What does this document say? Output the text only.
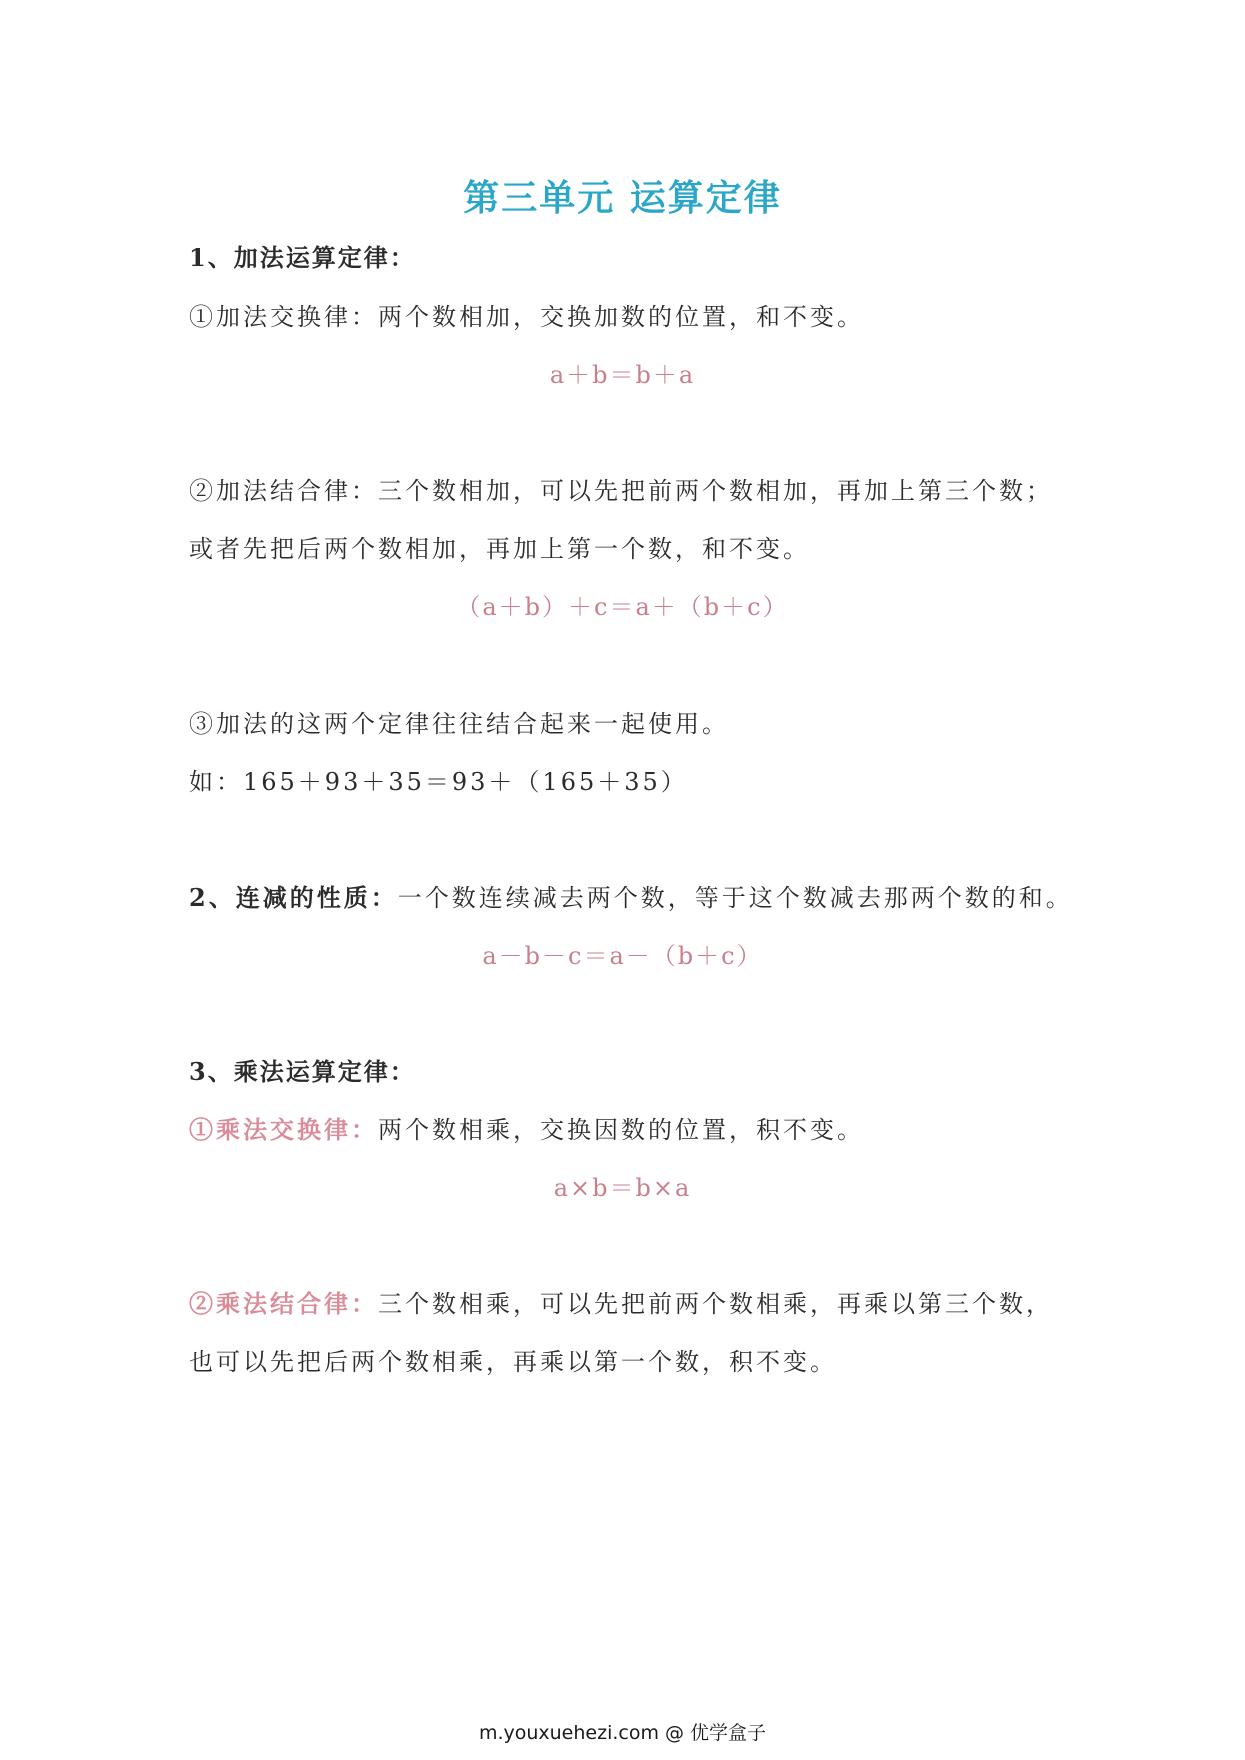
第三单元 运算定律
1、加法运算定律：
①加法交换律：两个数相加，交换加数的位置，和不变。
a＋b＝b＋a
②加法结合律：三个数相加，可以先把前两个数相加，再加上第三个数；
或者先把后两个数相加，再加上第一个数，和不变。
（a＋b）＋c＝a＋（b＋c）
③加法的这两个定律往往结合起来一起使用。
如：165＋93＋35＝93＋（165＋35）
2、连减的性质：一个数连续减去两个数，等于这个数减去那两个数的和。
a－b－c＝a－（b＋c）
3、乘法运算定律：
①乘法交换律：两个数相乘，交换因数的位置，积不变。
a×b＝b×a
②乘法结合律：三个数相乘，可以先把前两个数相乘，再乘以第三个数，
也可以先把后两个数相乘，再乘以第一个数，积不变。
m.youxuehezi.com @ 优学盒子
